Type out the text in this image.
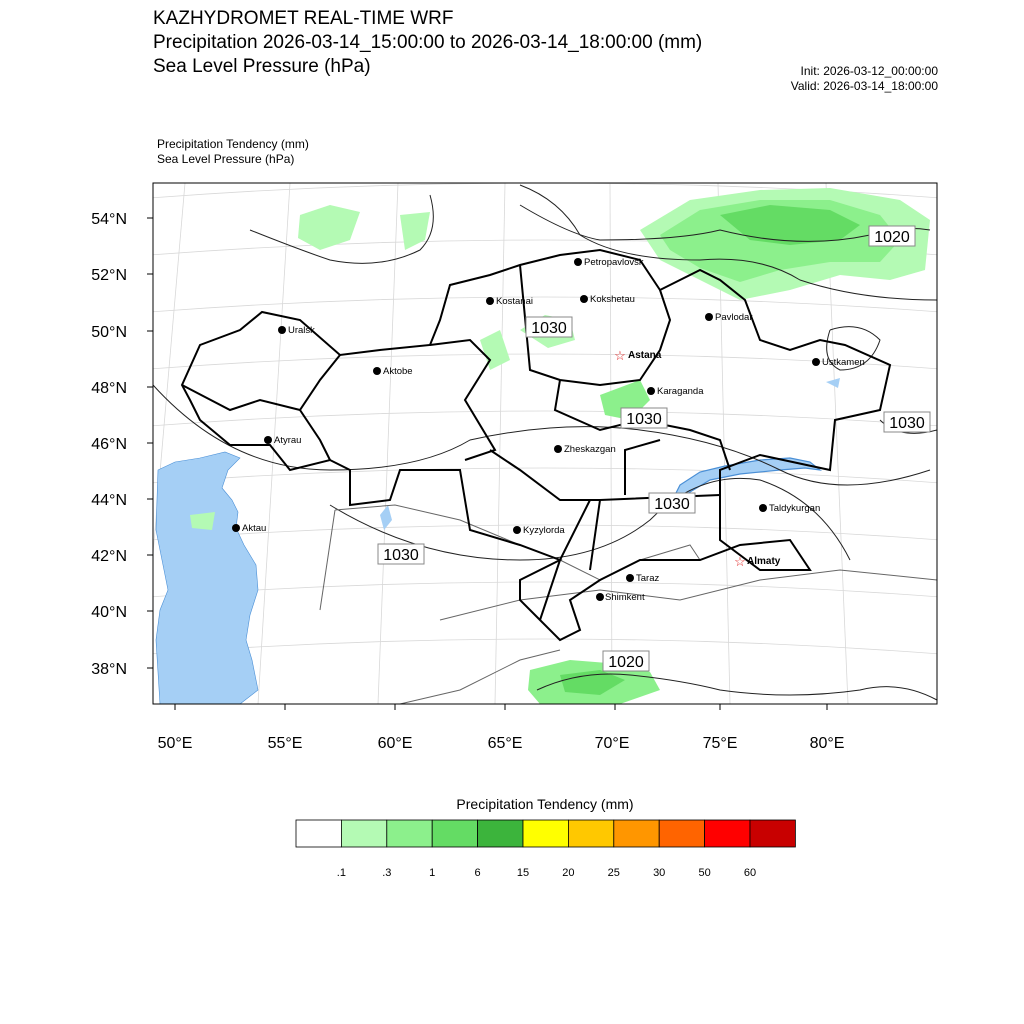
KAZHYDROMET REAL-TIME WRF
Precipitation 2026-03-14_15:00:00 to 2026-03-14_18:00:00 (mm)
Sea Level Pressure (hPa)	Init: 2026-03-12_00:00:00
Valid: 2026-03-14_18:00:00
Precipitation Tendency (mm)
Sea Level Pressure (hPa)
54°N
52°N
50°N
48°N
46°N
44°N
42°N
40°N
38°N
50°E	55°E	60°E	65°E	70°E	75°E	80°E
1020
1030
1030	1030
1030
1030
1020
Petropavlovsk
Kostanai	Kokshetau
Pavlodar
Uralsk
☆ Astana
Aktobe
Ustkamen
Karaganda
Atyrau
Zheskazgan
Aktau
Taldykurgan
Kyzylorda
☆ Almaty
Taraz
Shimkent
Precipitation Tendency (mm)
.1	.3	1	6	15	20	25	30	50	60
